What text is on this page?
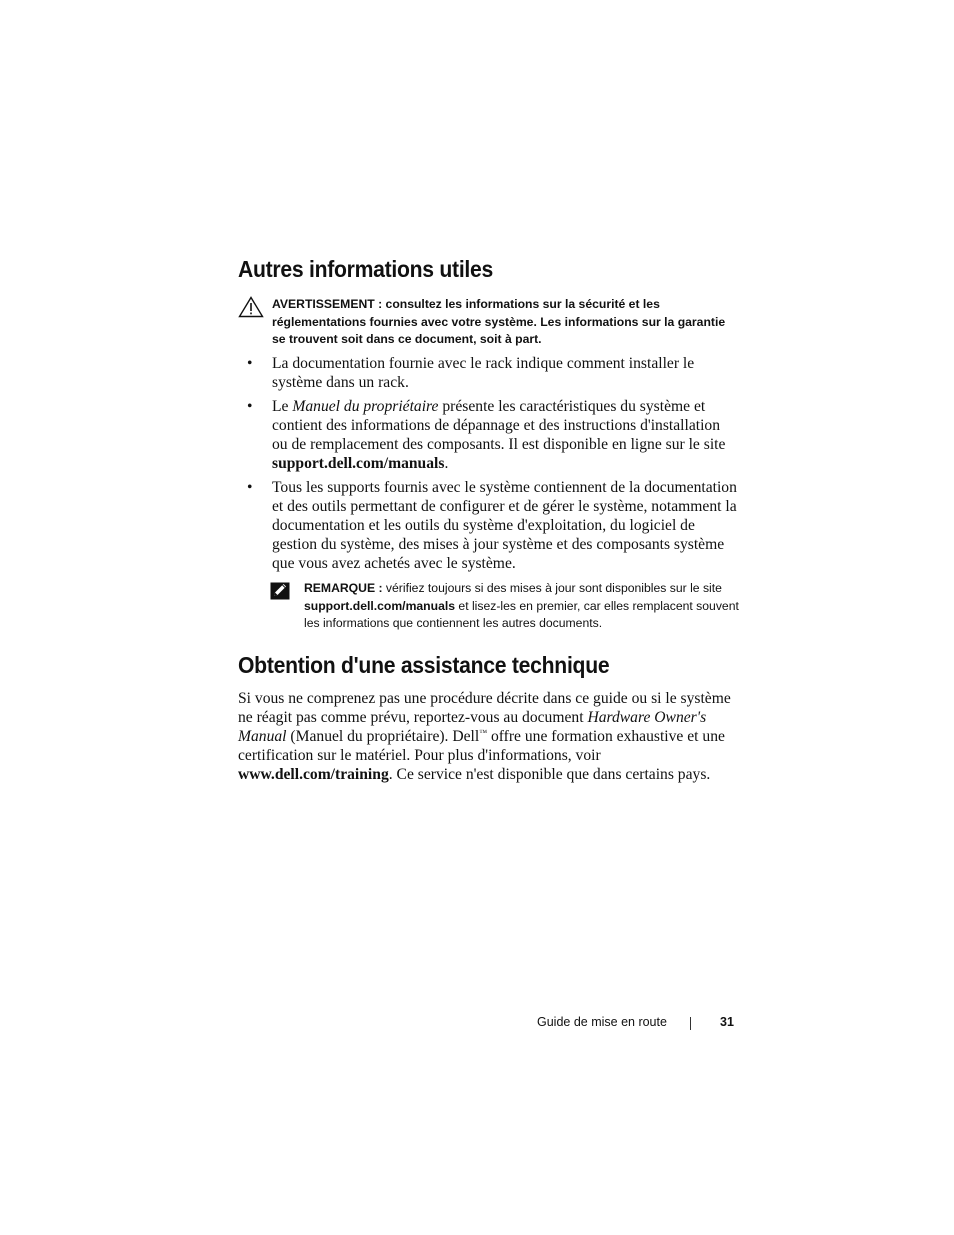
Autres informations utiles
AVERTISSEMENT : consultez les informations sur la sécurité et les réglementations fournies avec votre système. Les informations sur la garantie se trouvent soit dans ce document, soit à part.
• La documentation fournie avec le rack indique comment installer le système dans un rack.
• Le Manuel du propriétaire présente les caractéristiques du système et contient des informations de dépannage et des instructions d'installation ou de remplacement des composants. Il est disponible en ligne sur le site support.dell.com/manuals.
• Tous les supports fournis avec le système contiennent de la documentation et des outils permettant de configurer et de gérer le système, notamment la documentation et les outils du système d'exploitation, du logiciel de gestion du système, des mises à jour système et des composants système que vous avez achetés avec le système.
REMARQUE : vérifiez toujours si des mises à jour sont disponibles sur le site support.dell.com/manuals et lisez-les en premier, car elles remplacent souvent les informations que contiennent les autres documents.
Obtention d'une assistance technique

Si vous ne comprenez pas une procédure décrite dans ce guide ou si le système ne réagit pas comme prévu, reportez-vous au document Hardware Owner's Manual (Manuel du propriétaire). Dell™ offre une formation exhaustive et une certification sur le matériel. Pour plus d'informations, voir www.dell.com/training. Ce service n'est disponible que dans certains pays.

Guide de mise en route	31
